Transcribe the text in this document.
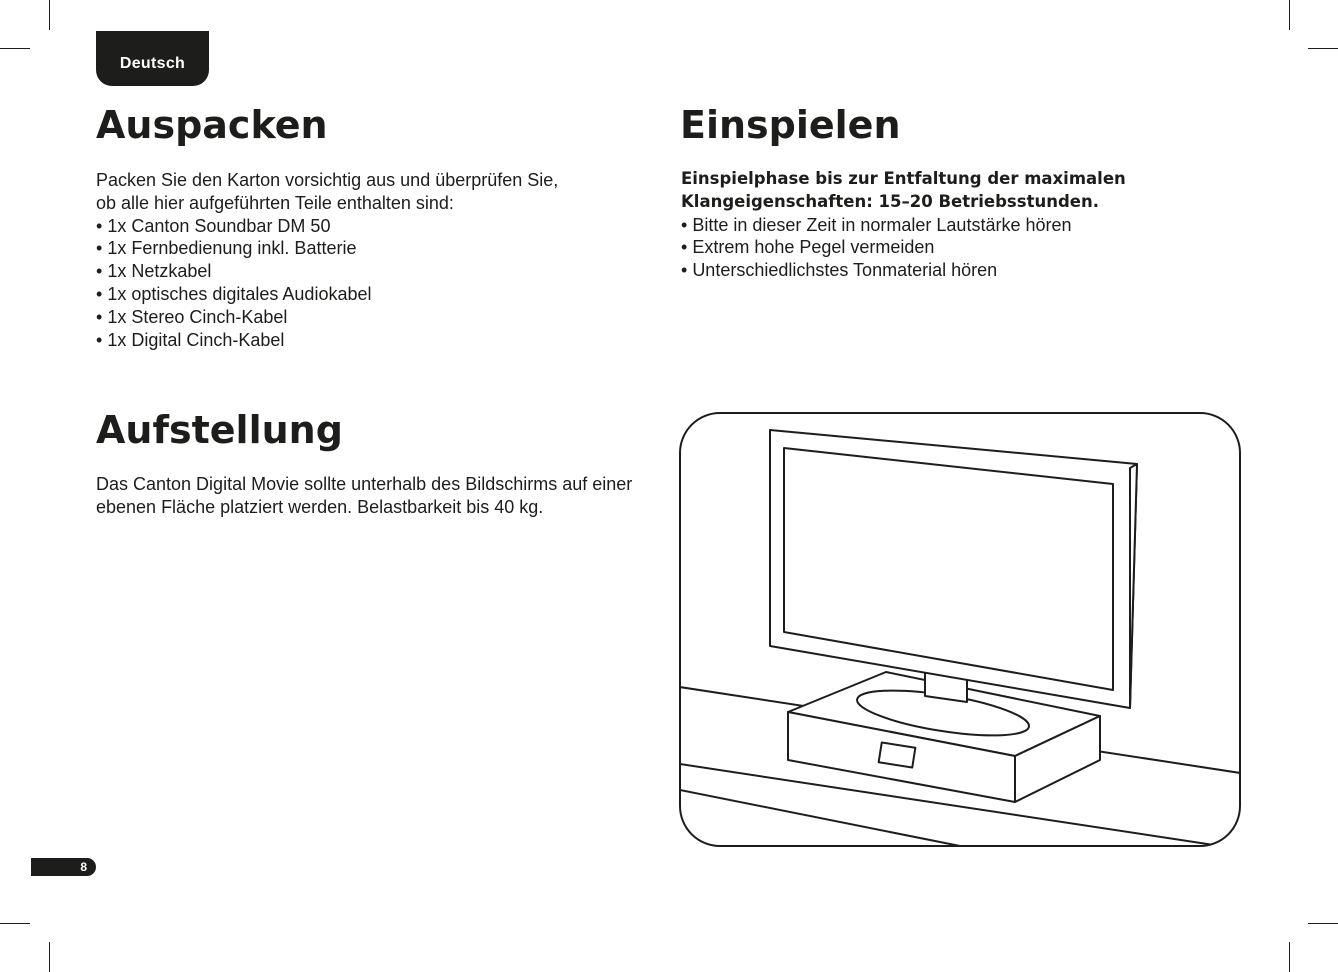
Deutsch
Auspacken
Packen Sie den Karton vorsichtig aus und überprüfen Sie,
ob alle hier aufgeführten Teile enthalten sind:
• 1x Canton Soundbar DM 50
• 1x Fernbedienung inkl. Batterie
• 1x Netzkabel
• 1x optisches digitales Audiokabel
• 1x Stereo Cinch-Kabel
• 1x Digital Cinch-Kabel
Einspielen
Einspielphase bis zur Entfaltung der maximalen
Klangeigenschaften: 15–20 Betriebsstunden.
• Bitte in dieser Zeit in normaler Lautstärke hören
• Extrem hohe Pegel vermeiden
• Unterschiedlichstes Tonmaterial hören
Aufstellung
Das Canton Digital Movie sollte unterhalb des Bildschirms auf einer
ebenen Fläche platziert werden. Belastbarkeit bis 40 kg.
8
